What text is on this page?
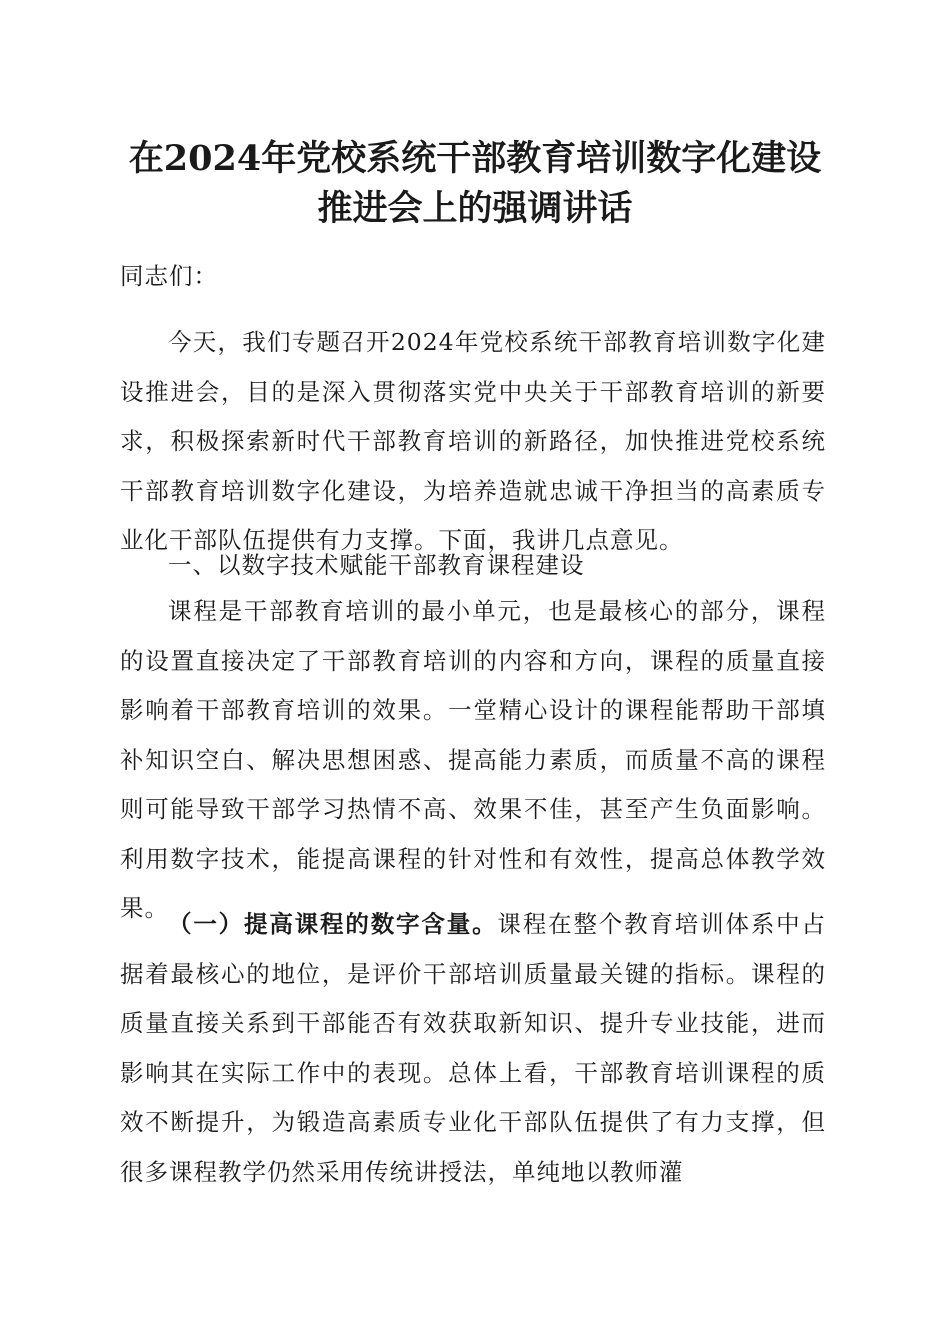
在2024年党校系统干部教育培训数字化建设
推进会上的强调讲话
同志们：
今天，我们专题召开2024年党校系统干部教育培训数字化建设推进会，目的是深入贯彻落实党中央关于干部教育培训的新要求，积极探索新时代干部教育培训的新路径，加快推进党校系统干部教育培训数字化建设，为培养造就忠诚干净担当的高素质专业化干部队伍提供有力支撑。下面，我讲几点意见。
一、以数字技术赋能干部教育课程建设
课程是干部教育培训的最小单元，也是最核心的部分，课程的设置直接决定了干部教育培训的内容和方向，课程的质量直接影响着干部教育培训的效果。一堂精心设计的课程能帮助干部填补知识空白、解决思想困惑、提高能力素质，而质量不高的课程则可能导致干部学习热情不高、效果不佳，甚至产生负面影响。利用数字技术，能提高课程的针对性和有效性，提高总体教学效果。
（一）提高课程的数字含量。课程在整个教育培训体系中占据着最核心的地位，是评价干部培训质量最关键的指标。课程的质量直接关系到干部能否有效获取新知识、提升专业技能，进而影响其在实际工作中的表现。总体上看，干部教育培训课程的质效不断提升，为锻造高素质专业化干部队伍提供了有力支撑，但很多课程教学仍然采用传统讲授法，单纯地以教师灌
